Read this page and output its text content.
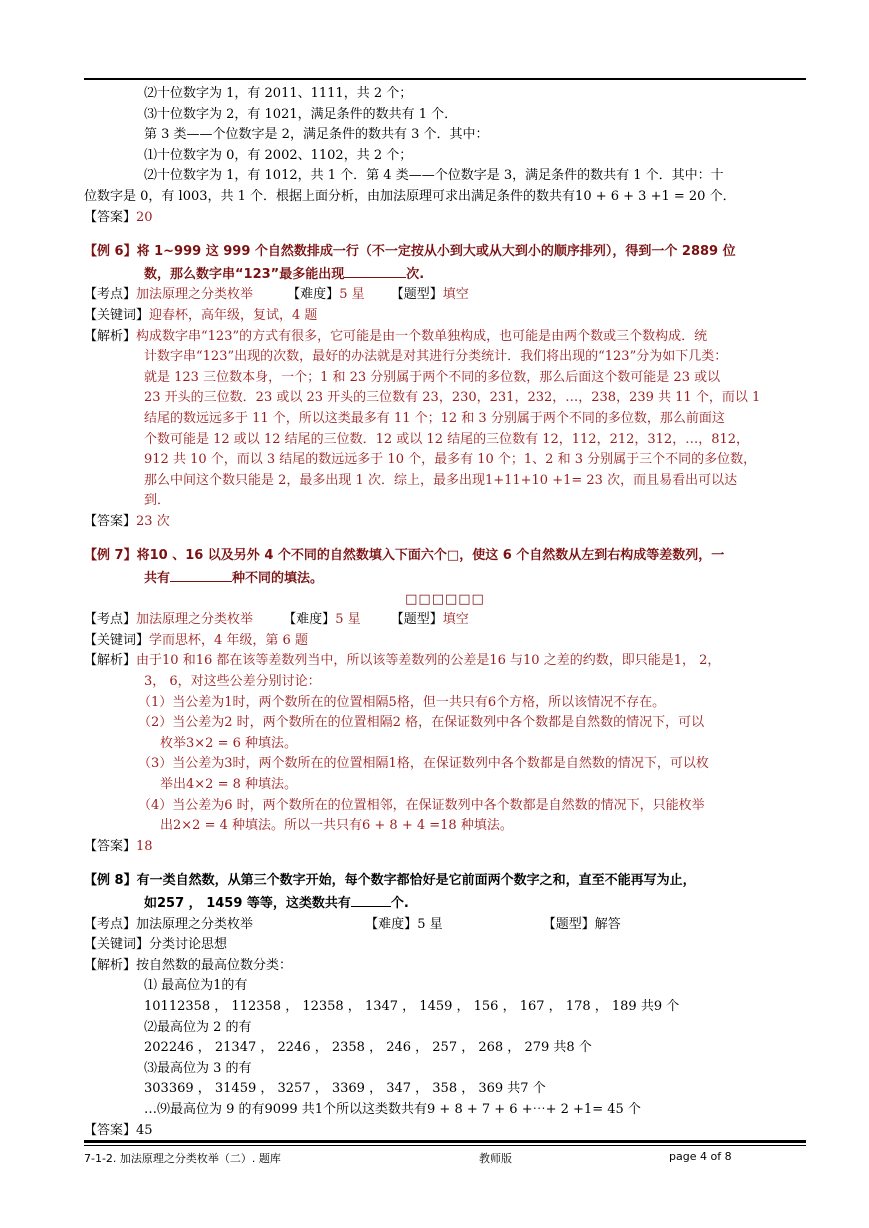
⑵十位数字为 1，有 2011、1111，共 2 个；
⑶十位数字为 2，有 1021，满足条件的数共有 1 个．
第 3 类——个位数字是 2，满足条件的数共有 3 个．其中：
⑴十位数字为 0，有 2002、1102，共 2 个；
⑵十位数字为 1，有 1012，共 1 个．第 4 类——个位数字是 3，满足条件的数共有 1 个．其中：十
位数字是 0，有 l003，共 1 个．根据上面分析，由加法原理可求出满足条件的数共有10 + 6 + 3 +1 = 20 个．
【答案】20
【例 6】将 1~999 这 999 个自然数排成一行（不一定按从小到大或从大到小的顺序排列），得到一个 2889 位
数，那么数字串“123”最多能出现	次.
【考点】加法原理之分类枚举	【难度】5 星 【题型】填空
【关键词】迎春杯，高年级，复试，4 题
【解析】构成数字串“123”的方式有很多，它可能是由一个数单独构成，也可能是由两个数或三个数构成．统
计数字串“123”出现的次数，最好的办法就是对其进行分类统计．我们将出现的“123”分为如下几类：
就是 123 三位数本身，一个；1 和 23 分别属于两个不同的多位数，那么后面这个数可能是 23 或以
23 开头的三位数．23 或以 23 开头的三位数有 23，230，231，232，…，238，239 共 11 个，而以 1
结尾的数远远多于 11 个，所以这类最多有 11 个；12 和 3 分别属于两个不同的多位数，那么前面这
个数可能是 12 或以 12 结尾的三位数．12 或以 12 结尾的三位数有 12，112，212，312，…，812，
912 共 10 个，而以 3 结尾的数远远多于 10 个，最多有 10 个；1、2 和 3 分别属于三个不同的多位数，
那么中间这个数只能是 2，最多出现 1 次．综上，最多出现1+11+10 +1= 23 次，而且易看出可以达
到．
【答案】23 次
【例 7】将10 、16 以及另外 4 个不同的自然数填入下面六个□，使这 6 个自然数从左到右构成等差数列，一
共有	种不同的填法。
□□□□□□
【考点】加法原理之分类枚举 【难度】5 星 【题型】填空
【关键词】学而思杯，4 年级，第 6 题
【解析】由于10 和16 都在该等差数列当中，所以该等差数列的公差是16 与10 之差的约数，即只能是1， 2，
3， 6，对这些公差分别讨论：
（1）当公差为1时，两个数所在的位置相隔5格，但一共只有6个方格，所以该情况不存在。
（2）当公差为2 时，两个数所在的位置相隔2 格，在保证数列中各个数都是自然数的情况下，可以
枚举3×2 = 6 种填法。
（3）当公差为3时，两个数所在的位置相隔1格，在保证数列中各个数都是自然数的情况下，可以枚
举出4×2 = 8 种填法。
（4）当公差为6 时，两个数所在的位置相邻，在保证数列中各个数都是自然数的情况下，只能枚举
出2×2 = 4 种填法。所以一共只有6 + 8 + 4 =18 种填法。
【答案】18
【例 8】有一类自然数，从第三个数字开始，每个数字都恰好是它前面两个数字之和，直至不能再写为止，
如257 ， 1459 等等，这类数共有	个.
【考点】加法原理之分类枚举	【难度】5 星	【题型】解答
【关键词】分类讨论思想
【解析】按自然数的最高位数分类：
⑴ 最高位为1的有
10112358 ， 112358 ， 12358 ， 1347 ， 1459 ， 156 ， 167 ， 178 ， 189 共9 个
⑵最高位为 2 的有
202246 ， 21347 ， 2246 ， 2358 ， 246 ， 257 ， 268 ， 279 共8 个
⑶最高位为 3 的有
303369 ， 31459 ， 3257 ， 3369 ， 347 ， 358 ， 369 共7 个
…⑼最高位为 9 的有9099 共1个所以这类数共有9 + 8 + 7 + 6 +⋯+ 2 +1= 45 个
【答案】45
7-1-2. 加法原理之分类枚举（二）. 题库	教师版	page 4 of 8
